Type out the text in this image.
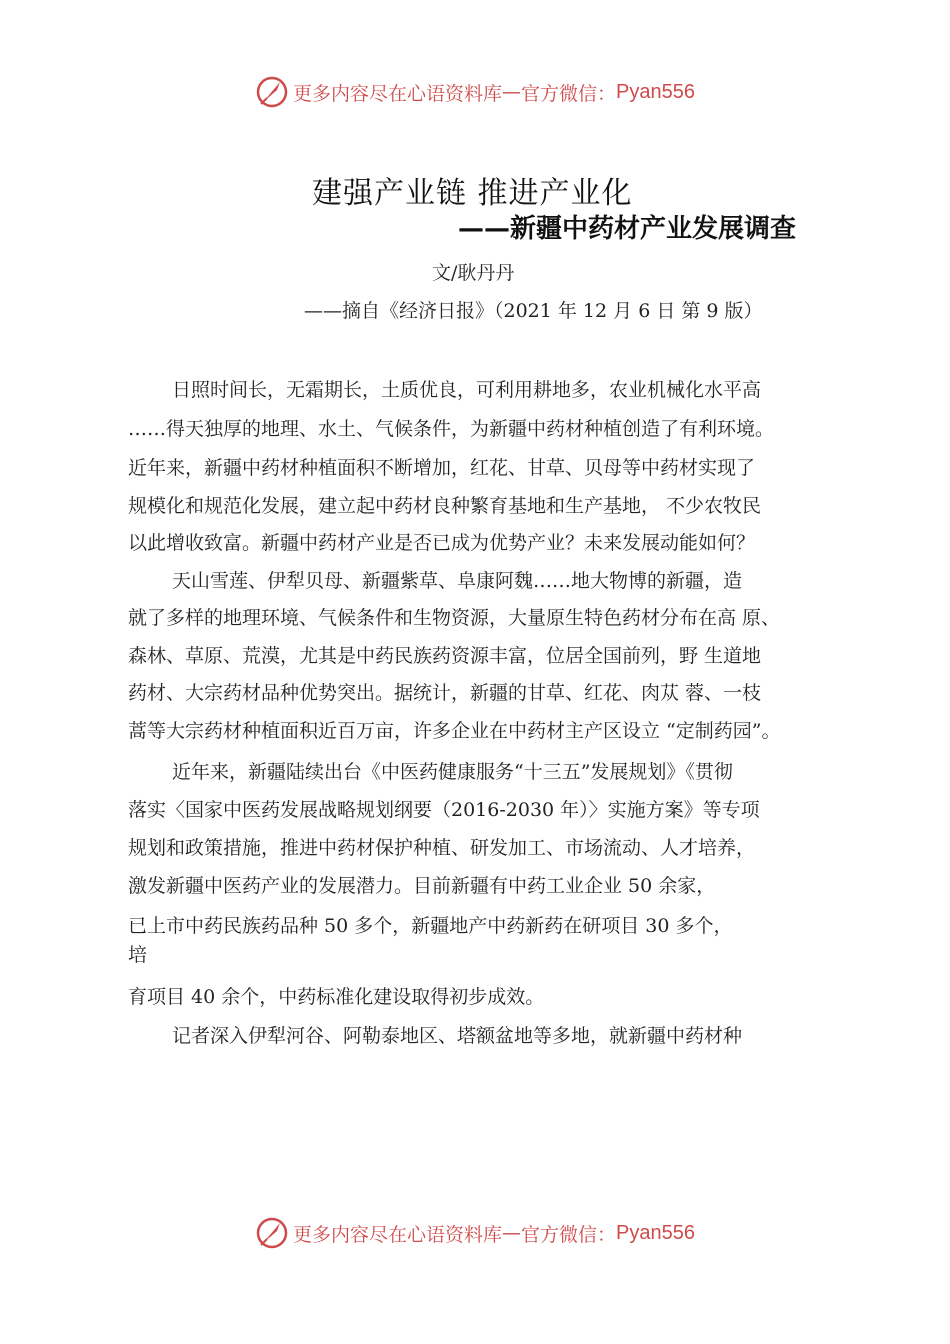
更多内容尽在心语资料库 — 官方微信： Pyan556
建强产业链 推进产业化
——新疆中药材产业发展调查
文/耿丹丹
——摘自《经济日报》（2021 年 12 月 6 日 第 9 版）
日照时间长，无霜期长，土质优良，可利用耕地多，农业机械化水平高
……得天独厚的地理、水土、气候条件，为新疆中药材种植创造了有利环境。
近年来，新疆中药材种植面积不断增加，红花、甘草、贝母等中药材实现了
规模化和规范化发展，建立起中药材良种繁育基地和生产基地， 不少农牧民
以此增收致富。新疆中药材产业是否已成为优势产业？未来发展动能如何？
天山雪莲、伊犁贝母、新疆紫草、阜康阿魏……地大物博的新疆，造
就了多样的地理环境、气候条件和生物资源，大量原生特色药材分布在高 原、
森林、草原、荒漠，尤其是中药民族药资源丰富，位居全国前列，野 生道地
药材、大宗药材品种优势突出。据统计，新疆的甘草、红花、肉苁 蓉、一枝
蒿等大宗药材种植面积近百万亩，许多企业在中药材主产区设立 “定制药园”。
近年来，新疆陆续出台《中医药健康服务“十三五”发展规划》《贯彻
落实〈国家中医药发展战略规划纲要（2016-2030 年）〉实施方案》等专项
规划和政策措施，推进中药材保护种植、研发加工、市场流动、人才培养，
激发新疆中医药产业的发展潜力。目前新疆有中药工业企业 50 余家，
已上市中药民族药品种 50 多个，新疆地产中药新药在研项目 30 多个，
培
育项目 40 余个，中药标准化建设取得初步成效。
记者深入伊犁河谷、阿勒泰地区、塔额盆地等多地，就新疆中药材种
更多内容尽在心语资料库 — 官方微信： Pyan556
